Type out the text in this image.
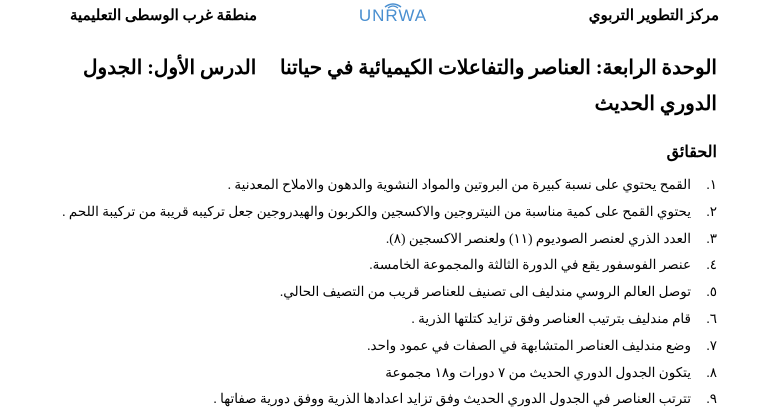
مركز التطوير التربوي
UNRWA
منطقة غرب الوسطى التعليمية
الوحدة الرابعة: العناصر والتفاعلات الكيميائية في حياتنا
الدرس الأول: الجدول
الدوري الحديث
الحقائق
١.القمح يحتوي على نسبة كبيرة من البروتين والمواد النشوية والدهون والاملاح المعدنية .
٢.يحتوي القمح على كمية مناسبة من النيتروجين والاكسجين والكربون والهيدروجين جعل تركيبه قريبة من تركيبة اللحم .
٣.العدد الذري لعنصر الصوديوم (١١) ولعنصر الاكسجين (٨).
٤.عنصر الفوسفور يقع في الدورة الثالثة والمجموعة الخامسة.
٥.توصل العالم الروسي مندليف الى تصنيف للعناصر قريب من التصيف الحالي.
٦.قام مندليف بترتيب العناصر وفق تزايد كتلتها الذرية .
٧.وضع مندليف العناصر المتشابهة في الصفات في عمود واحد.
٨.يتكون الجدول الدوري الحديث من ٧ دورات و١٨ مجموعة
٩.تترتب العناصر في الجدول الدوري الحديث وفق تزايد اعدادها الذرية ووفق دورية صفاتها .
